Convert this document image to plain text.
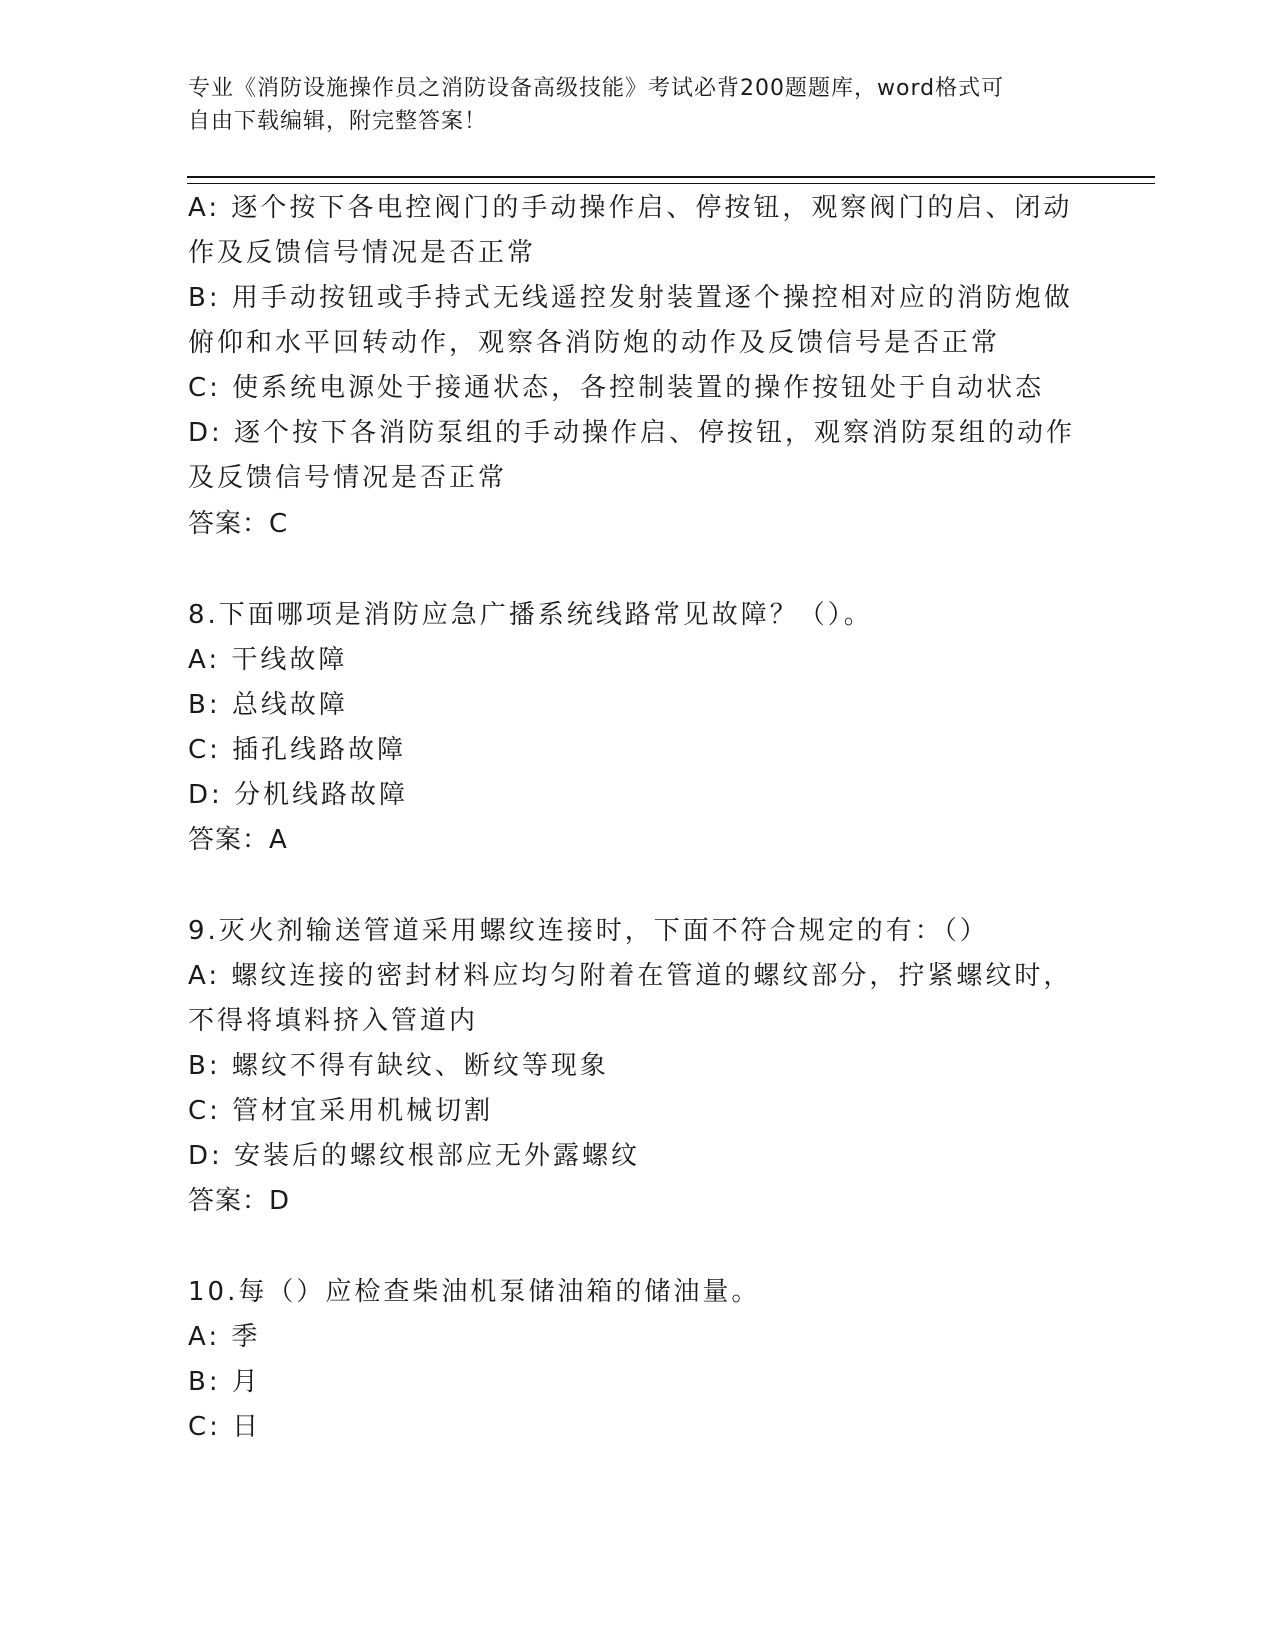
专业《消防设施操作员之消防设备高级技能》考试必背200题题库，word格式可
自由下载编辑，附完整答案！
A: 逐个按下各电控阀门的手动操作启、停按钮，观察阀门的启、闭动
作及反馈信号情况是否正常
B: 用手动按钮或手持式无线遥控发射装置逐个操控相对应的消防炮做
俯仰和水平回转动作，观察各消防炮的动作及反馈信号是否正常
C: 使系统电源处于接通状态，各控制装置的操作按钮处于自动状态
D: 逐个按下各消防泵组的手动操作启、停按钮，观察消防泵组的动作
及反馈信号情况是否正常
答案：C
8.下面哪项是消防应急广播系统线路常见故障？（）。
A: 干线故障
B: 总线故障
C: 插孔线路故障
D: 分机线路故障
答案：A
9.灭火剂输送管道采用螺纹连接时，下面不符合规定的有：（）
A: 螺纹连接的密封材料应均匀附着在管道的螺纹部分，拧紧螺纹时，
不得将填料挤入管道内
B: 螺纹不得有缺纹、断纹等现象
C: 管材宜采用机械切割
D: 安装后的螺纹根部应无外露螺纹
答案：D
10.每（）应检查柴油机泵储油箱的储油量。
A: 季
B: 月
C: 日
